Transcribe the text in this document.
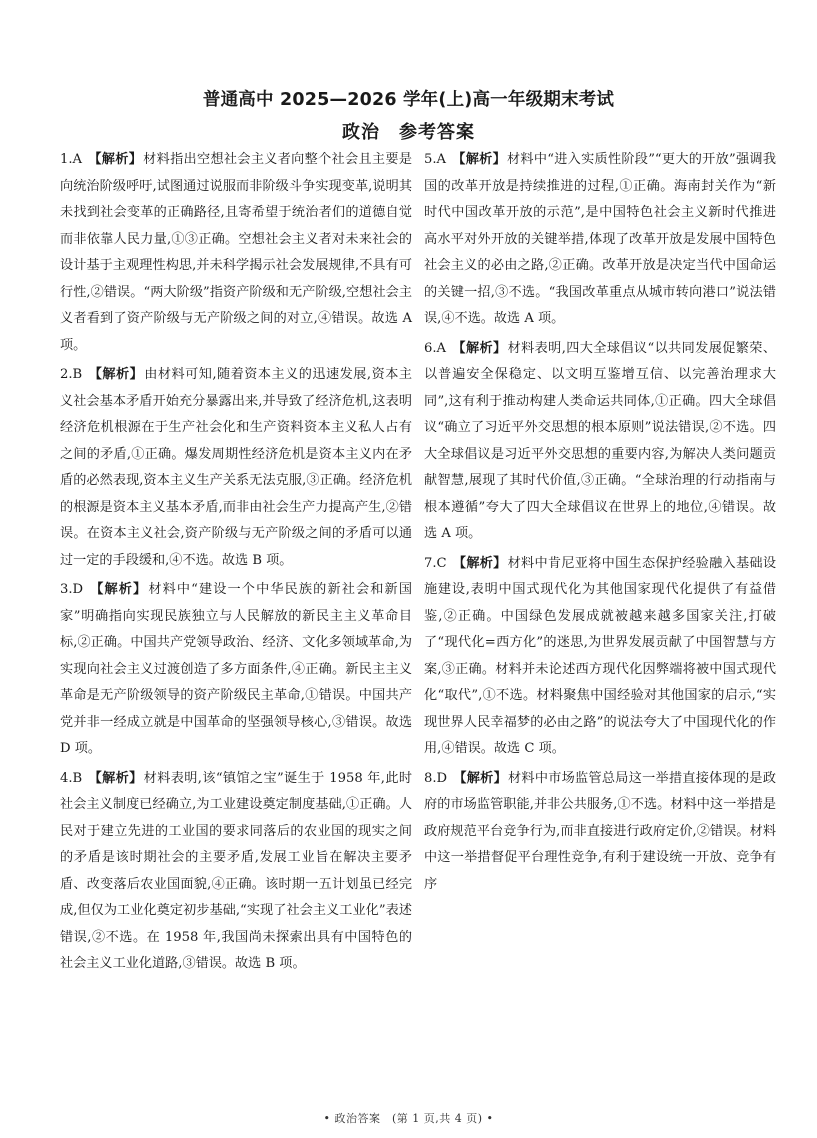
普通高中 2025—2026 学年(上)高一年级期末考试
政治　参考答案

1.A 【解析】材料指出空想社会主义者向整个社会且主要是向统治阶级呼吁,试图通过说服而非阶级斗争实现变革,说明其未找到社会变革的正确路径,且寄希望于统治者们的道德自觉而非依靠人民力量,①③正确。空想社会主义者对未来社会的设计基于主观理性构思,并未科学揭示社会发展规律,不具有可行性,②错误。“两大阶级”指资产阶级和无产阶级,空想社会主义者看到了资产阶级与无产阶级之间的对立,④错误。故选 A 项。

2.B 【解析】由材料可知,随着资本主义的迅速发展,资本主义社会基本矛盾开始充分暴露出来,并导致了经济危机,这表明经济危机根源在于生产社会化和生产资料资本主义私人占有之间的矛盾,①正确。爆发周期性经济危机是资本主义内在矛盾的必然表现,资本主义生产关系无法克服,③正确。经济危机的根源是资本主义基本矛盾,而非由社会生产力提高产生,②错误。在资本主义社会,资产阶级与无产阶级之间的矛盾可以通过一定的手段缓和,④不选。故选 B 项。

3.D 【解析】材料中“建设一个中华民族的新社会和新国家”明确指向实现民族独立与人民解放的新民主主义革命目标,②正确。中国共产党领导政治、经济、文化多领域革命,为实现向社会主义过渡创造了多方面条件,④正确。新民主主义革命是无产阶级领导的资产阶级民主革命,①错误。中国共产党并非一经成立就是中国革命的坚强领导核心,③错误。故选 D 项。

4.B 【解析】材料表明,该“镇馆之宝”诞生于 1958 年,此时社会主义制度已经确立,为工业建设奠定制度基础,①正确。人民对于建立先进的工业国的要求同落后的农业国的现实之间的矛盾是该时期社会的主要矛盾,发展工业旨在解决主要矛盾、改变落后农业国面貌,④正确。该时期一五计划虽已经完成,但仅为工业化奠定初步基础,“实现了社会主义工业化”表述错误,②不选。在 1958 年,我国尚未探索出具有中国特色的社会主义工业化道路,③错误。故选 B 项。

5.A 【解析】材料中“进入实质性阶段”“更大的开放”强调我国的改革开放是持续推进的过程,①正确。海南封关作为“新时代中国改革开放的示范”,是中国特色社会主义新时代推进高水平对外开放的关键举措,体现了改革开放是发展中国特色社会主义的必由之路,②正确。改革开放是决定当代中国命运的关键一招,③不选。“我国改革重点从城市转向港口”说法错误,④不选。故选 A 项。

6.A 【解析】材料表明,四大全球倡议“以共同发展促繁荣、以普遍安全保稳定、以文明互鉴增互信、以完善治理求大同”,这有利于推动构建人类命运共同体,①正确。四大全球倡议“确立了习近平外交思想的根本原则”说法错误,②不选。四大全球倡议是习近平外交思想的重要内容,为解决人类问题贡献智慧,展现了其时代价值,③正确。“全球治理的行动指南与根本遵循”夸大了四大全球倡议在世界上的地位,④错误。故选 A 项。

7.C 【解析】材料中肯尼亚将中国生态保护经验融入基础设施建设,表明中国式现代化为其他国家现代化提供了有益借鉴,②正确。中国绿色发展成就被越来越多国家关注,打破了“现代化=西方化”的迷思,为世界发展贡献了中国智慧与方案,③正确。材料并未论述西方现代化因弊端将被中国式现代化“取代”,①不选。材料聚焦中国经验对其他国家的启示,“实现世界人民幸福梦的必由之路”的说法夸大了中国现代化的作用,④错误。故选 C 项。

8.D 【解析】材料中市场监管总局这一举措直接体现的是政府的市场监管职能,并非公共服务,①不选。材料中这一举措是政府规范平台竞争行为,而非直接进行政府定价,②错误。材料中这一举措督促平台理性竞争,有利于建设统一开放、竞争有序

• 政治答案　(第 1 页,共 4 页) •
